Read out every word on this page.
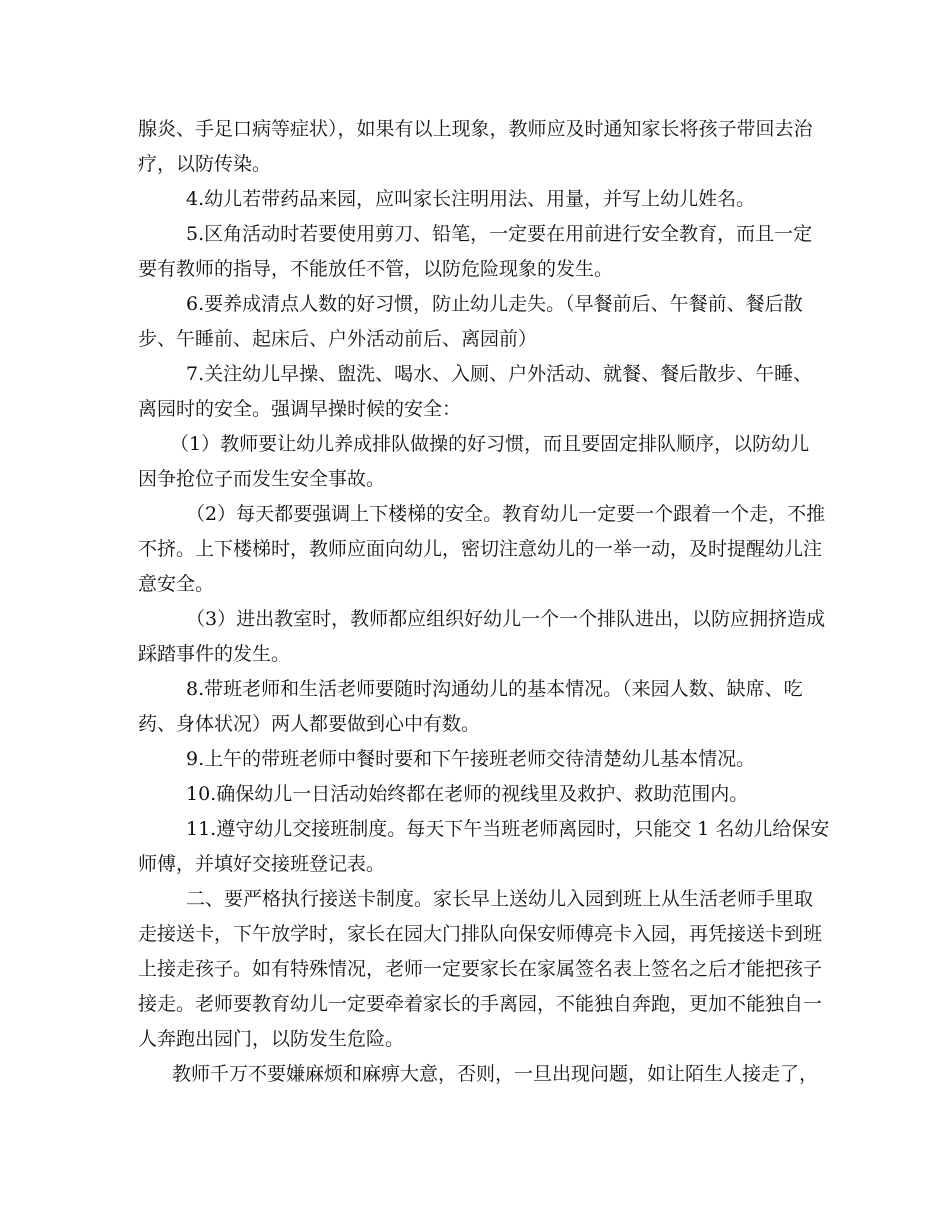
腺炎、手足口病等症状），如果有以上现象，教师应及时通知家长将孩子带回去治
疗，以防传染。
4.幼儿若带药品来园，应叫家长注明用法、用量，并写上幼儿姓名。
5.区角活动时若要使用剪刀、铅笔，一定要在用前进行安全教育，而且一定
要有教师的指导，不能放任不管，以防危险现象的发生。
6.要养成清点人数的好习惯，防止幼儿走失。（早餐前后、午餐前、餐后散
步、午睡前、起床后、户外活动前后、离园前）
7.关注幼儿早操、盥洗、喝水、入厕、户外活动、就餐、餐后散步、午睡、
离园时的安全。强调早操时候的安全：
（1）教师要让幼儿养成排队做操的好习惯，而且要固定排队顺序，以防幼儿
因争抢位子而发生安全事故。
（2）每天都要强调上下楼梯的安全。教育幼儿一定要一个跟着一个走，不推
不挤。上下楼梯时，教师应面向幼儿，密切注意幼儿的一举一动，及时提醒幼儿注
意安全。
（3）进出教室时，教师都应组织好幼儿一个一个排队进出，以防应拥挤造成
踩踏事件的发生。
8.带班老师和生活老师要随时沟通幼儿的基本情况。（来园人数、缺席、吃
药、身体状况）两人都要做到心中有数。
9.上午的带班老师中餐时要和下午接班老师交待清楚幼儿基本情况。
10.确保幼儿一日活动始终都在老师的视线里及救护、救助范围内。
11.遵守幼儿交接班制度。每天下午当班老师离园时，只能交 1 名幼儿给保安
师傅，并填好交接班登记表。
二、要严格执行接送卡制度。家长早上送幼儿入园到班上从生活老师手里取
走接送卡，下午放学时，家长在园大门排队向保安师傅亮卡入园，再凭接送卡到班
上接走孩子。如有特殊情况，老师一定要家长在家属签名表上签名之后才能把孩子
接走。老师要教育幼儿一定要牵着家长的手离园，不能独自奔跑，更加不能独自一
人奔跑出园门，以防发生危险。
教师千万不要嫌麻烦和麻痹大意，否则，一旦出现问题，如让陌生人接走了，
